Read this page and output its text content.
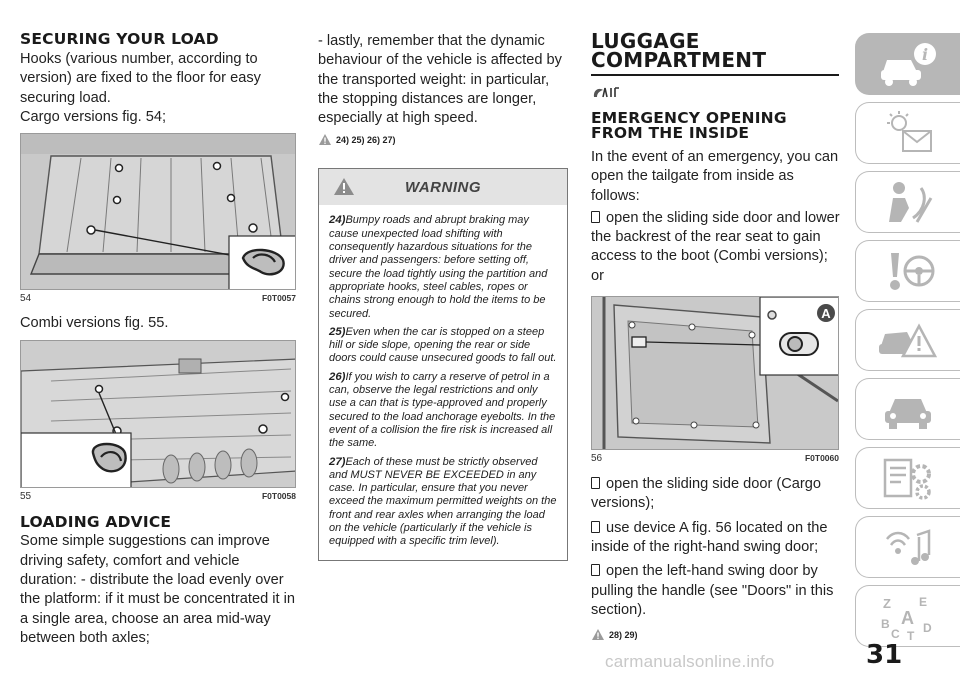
SECURING YOUR LOAD
Hooks (various number, according to version) are fixed to the floor for easy securing load.
Cargo versions fig. 54;
54	F0T0057
Combi versions fig. 55.
55	F0T0058
LOADING ADVICE
Some simple suggestions can improve driving safety, comfort and vehicle duration: - distribute the load evenly over the platform: if it must be concentrated it in a single area, choose an area mid-way between both axles;
- lastly, remember that the dynamic behaviour of the vehicle is affected by the transported weight: in particular, the stopping distances are longer, especially at high speed.
24) 25) 26) 27)
WARNING
24)Bumpy roads and abrupt braking may cause unexpected load shifting with consequently hazardous situations for the driver and passengers: before setting off, secure the load tightly using the partition and appropriate hooks, steel cables, ropes or chains strong enough to hold the items to be secured.
25)Even when the car is stopped on a steep hill or side slope, opening the rear or side doors could cause unsecured goods to fall out.
26)If you wish to carry a reserve of petrol in a can, observe the legal restrictions and only use a can that is type-approved and properly secured to the load anchorage eyebolts. In the event of a collision the fire risk is increased all the same.
27)Each of these must be strictly observed and MUST NEVER BE EXCEEDED in any case. In particular, ensure that you never exceed the maximum permitted weights on the front and rear axles when arranging the load on the vehicle (particularly if the vehicle is equipped with a specific trim level).
LUGGAGE
COMPARTMENT
EMERGENCY OPENING
FROM THE INSIDE
In the event of an emergency, you can open the tailgate from inside as follows:
open the sliding side door and lower the backrest of the rear seat to gain access to the boot (Combi versions);
or
A
56	F0T0060
open the sliding side door (Cargo versions);
use device A fig. 56 located on the inside of the right-hand swing door;
open the left-hand swing door by pulling the handle (see "Doors" in this section).
28) 29)
i
Z E
B A
C T
D
31
carmanualsonline.info
